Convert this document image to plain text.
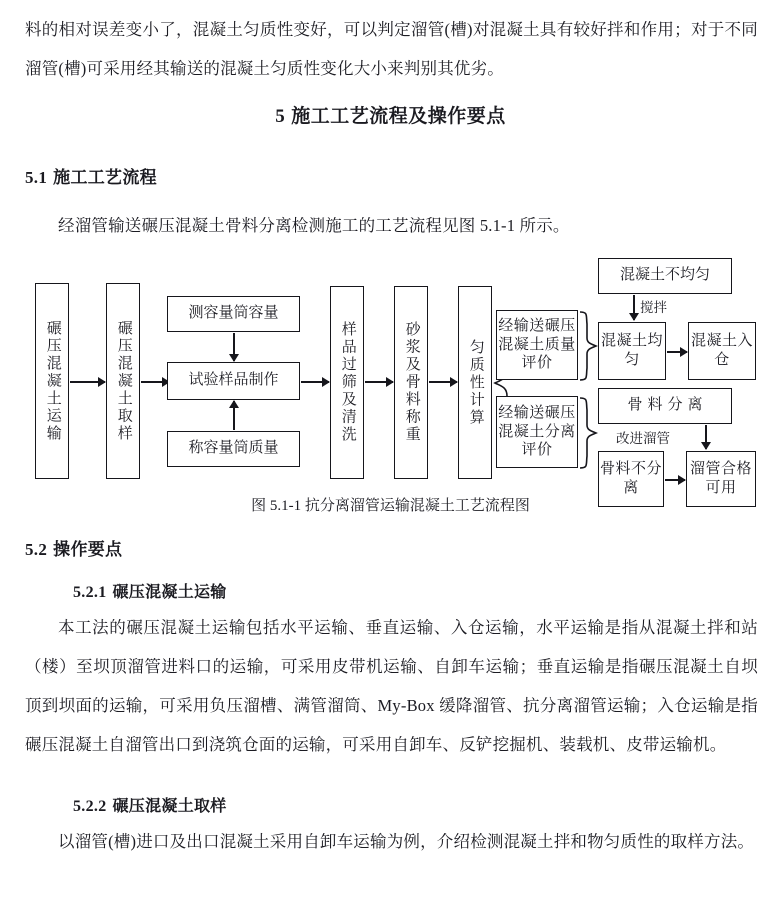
料的相对误差变小了，混凝土匀质性变好，可以判定溜管(槽)对混凝土具有较好拌和作用；对于不同溜管(槽)可采用经其输送的混凝土匀质性变化大小来判别其优劣。
5 施工工艺流程及操作要点
5.1 施工工艺流程
经溜管输送碾压混凝土骨料分离检测施工的工艺流程见图 5.1-1 所示。
碾压混凝土运输	碾压混凝土取样
测容量筒容量
试验样品制作
称容量筒质量
样品过筛及清洗	砂浆及骨料称重	匀质性计算
经输送碾压混凝土质量评价
混凝土不均匀
搅拌
混凝土均匀
混凝土入仓
经输送碾压混凝土分离评价
骨料分离
改进溜管
骨料不分离
溜管合格可用
图 5.1-1 抗分离溜管运输混凝土工艺流程图
5.2 操作要点
5.2.1 碾压混凝土运输
本工法的碾压混凝土运输包括水平运输、垂直运输、入仓运输，水平运输是指从混凝土拌和站（楼）至坝顶溜管进料口的运输，可采用皮带机运输、自卸车运输；垂直运输是指碾压混凝土自坝顶到坝面的运输，可采用负压溜槽、满管溜筒、My-Box 缓降溜管、抗分离溜管运输；入仓运输是指碾压混凝土自溜管出口到浇筑仓面的运输，可采用自卸车、反铲挖掘机、装载机、皮带运输机。
5.2.2 碾压混凝土取样
以溜管(槽)进口及出口混凝土采用自卸车运输为例，介绍检测混凝土拌和物匀质性的取样方法。
